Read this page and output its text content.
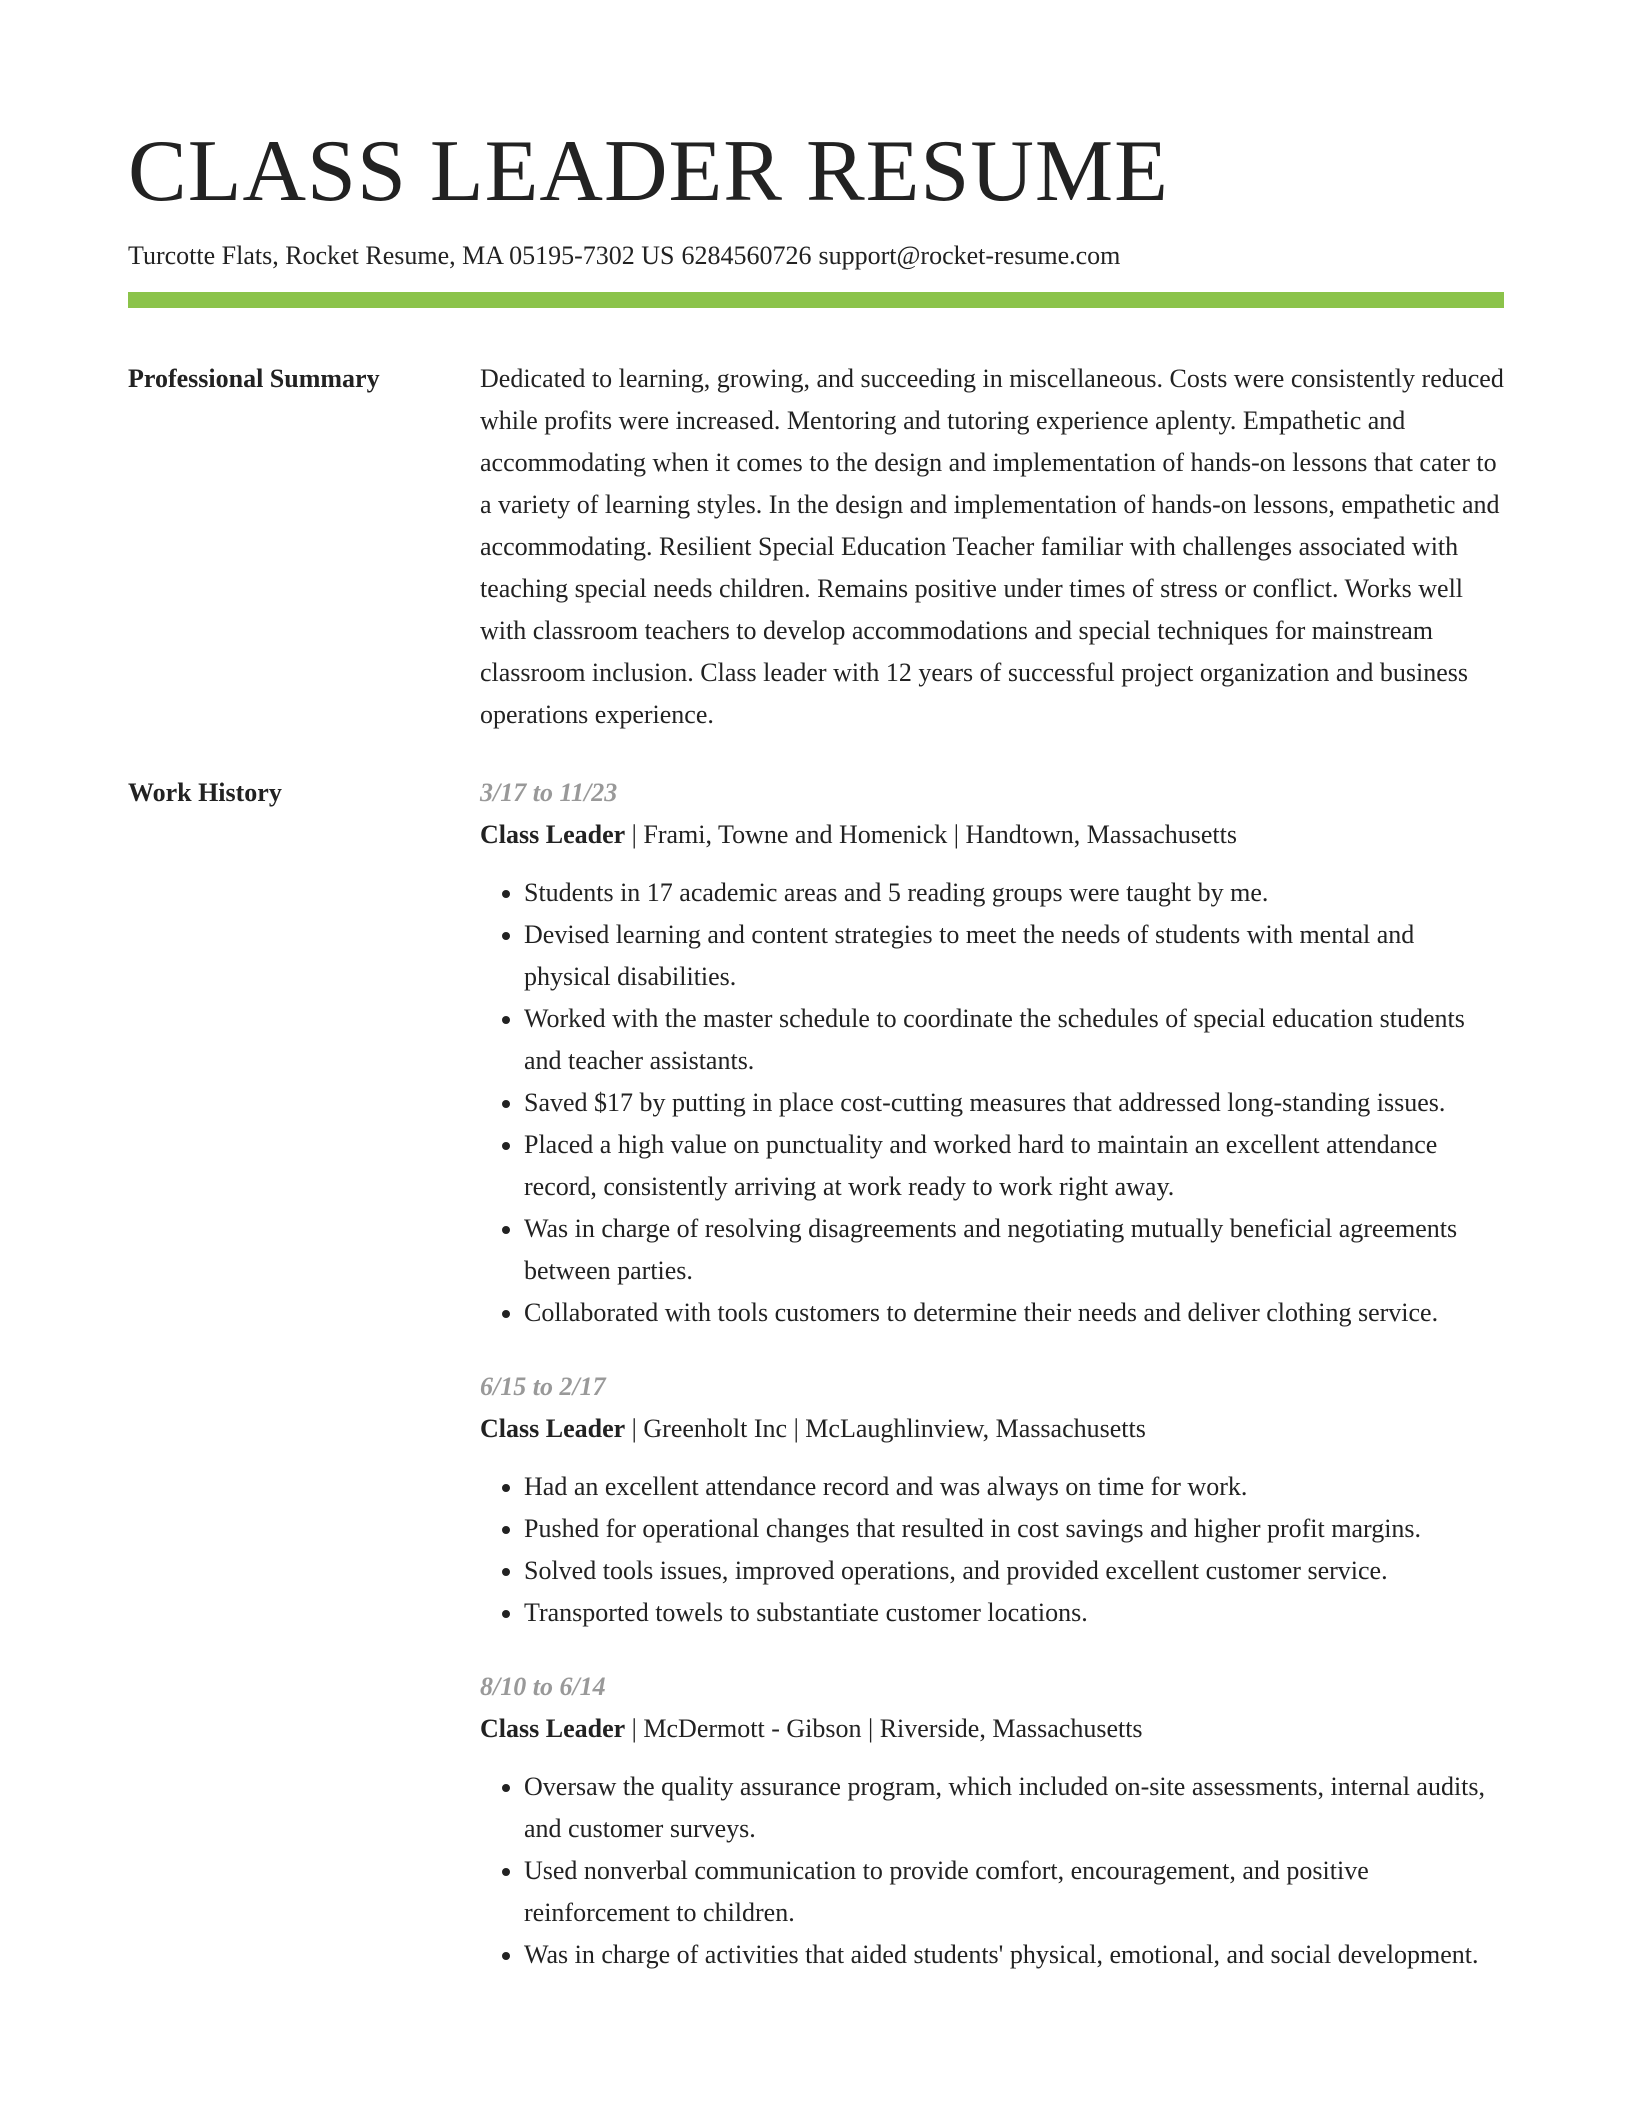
CLASS LEADER RESUME
Turcotte Flats, Rocket Resume, MA 05195-7302 US 6284560726 support@rocket-resume.com
Professional Summary	Dedicated to learning, growing, and succeeding in miscellaneous. Costs were consistently reduced while profits were increased. Mentoring and tutoring experience aplenty. Empathetic and accommodating when it comes to the design and implementation of hands-on lessons that cater to a variety of learning styles. In the design and implementation of hands-on lessons, empathetic and accommodating. Resilient Special Education Teacher familiar with challenges associated with teaching special needs children. Remains positive under times of stress or conflict. Works well with classroom teachers to develop accommodations and special techniques for mainstream classroom inclusion. Class leader with 12 years of successful project organization and business operations experience.

Work History	3/17 to 11/23
Class Leader | Frami, Towne and Homenick | Handtown, Massachusetts
• Students in 17 academic areas and 5 reading groups were taught by me.
• Devised learning and content strategies to meet the needs of students with mental and physical disabilities.
• Worked with the master schedule to coordinate the schedules of special education students and teacher assistants.
• Saved $17 by putting in place cost-cutting measures that addressed long-standing issues.
• Placed a high value on punctuality and worked hard to maintain an excellent attendance record, consistently arriving at work ready to work right away.
• Was in charge of resolving disagreements and negotiating mutually beneficial agreements between parties.
• Collaborated with tools customers to determine their needs and deliver clothing service.
6/15 to 2/17
Class Leader | Greenholt Inc | McLaughlinview, Massachusetts
• Had an excellent attendance record and was always on time for work.
• Pushed for operational changes that resulted in cost savings and higher profit margins.
• Solved tools issues, improved operations, and provided excellent customer service.
• Transported towels to substantiate customer locations.
8/10 to 6/14
Class Leader | McDermott - Gibson | Riverside, Massachusetts
• Oversaw the quality assurance program, which included on-site assessments, internal audits, and customer surveys.
• Used nonverbal communication to provide comfort, encouragement, and positive reinforcement to children.
• Was in charge of activities that aided students' physical, emotional, and social development.
